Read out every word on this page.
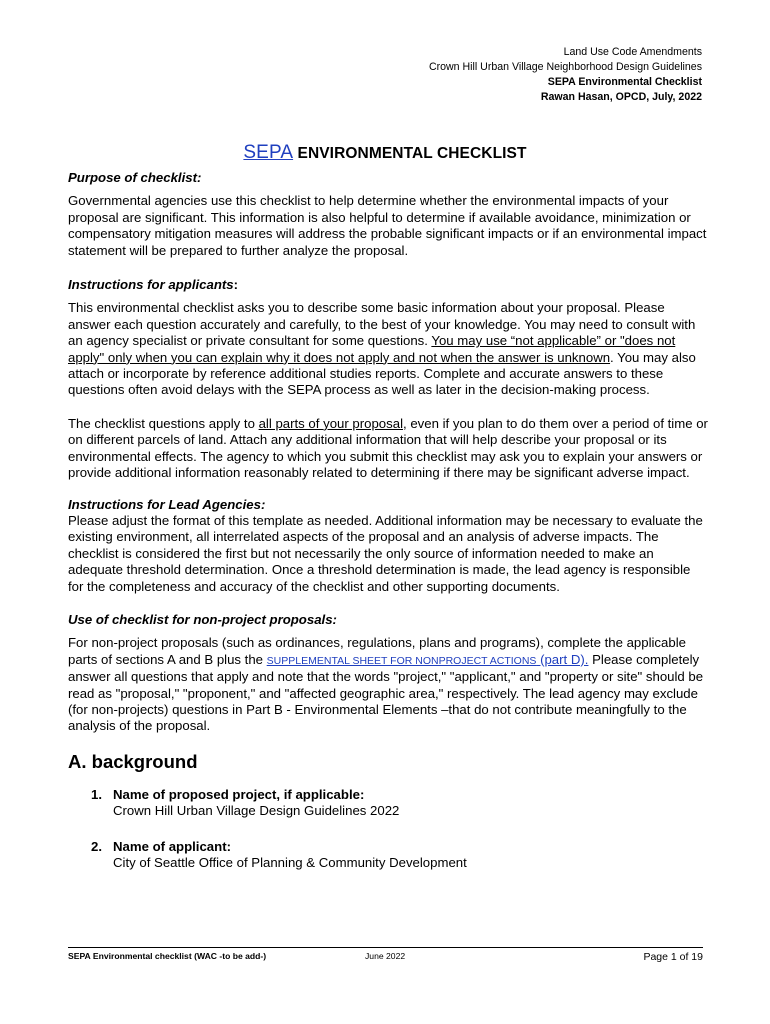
Land Use Code Amendments
Crown Hill Urban Village Neighborhood Design Guidelines
SEPA Environmental Checklist
Rawan Hasan, OPCD, July, 2022
SEPA ENVIRONMENTAL CHECKLIST

Purpose of checklist:

Governmental agencies use this checklist to help determine whether the environmental impacts of your proposal are significant. This information is also helpful to determine if available avoidance, minimization or compensatory mitigation measures will address the probable significant impacts or if an environmental impact statement will be prepared to further analyze the proposal.

Instructions for applicants:

This environmental checklist asks you to describe some basic information about your proposal. Please answer each question accurately and carefully, to the best of your knowledge. You may need to consult with an agency specialist or private consultant for some questions. You may use “not applicable” or "does not apply" only when you can explain why it does not apply and not when the answer is unknown. You may also attach or incorporate by reference additional studies reports. Complete and accurate answers to these questions often avoid delays with the SEPA process as well as later in the decision-making process.

The checklist questions apply to all parts of your proposal, even if you plan to do them over a period of time or on different parcels of land. Attach any additional information that will help describe your proposal or its environmental effects. The agency to which you submit this checklist may ask you to explain your answers or provide additional information reasonably related to determining if there may be significant adverse impact.

Instructions for Lead Agencies:

Please adjust the format of this template as needed. Additional information may be necessary to evaluate the existing environment, all interrelated aspects of the proposal and an analysis of adverse impacts. The checklist is considered the first but not necessarily the only source of information needed to make an adequate threshold determination. Once a threshold determination is made, the lead agency is responsible for the completeness and accuracy of the checklist and other supporting documents.

Use of checklist for non-project proposals:

For non-project proposals (such as ordinances, regulations, plans and programs), complete the applicable parts of sections A and B plus the SUPPLEMENTAL SHEET FOR NONPROJECT ACTIONS (part D). Please completely answer all questions that apply and note that the words "project," "applicant," and "property or site" should be read as "proposal," "proponent," and "affected geographic area," respectively. The lead agency may exclude (for non-projects) questions in Part B - Environmental Elements –that do not contribute meaningfully to the analysis of the proposal.

A. background
1. Name of proposed project, if applicable:
Crown Hill Urban Village Design Guidelines 2022
2. Name of applicant:
City of Seattle Office of Planning & Community Development
SEPA Environmental checklist (WAC -to be add-)	June 2022	Page 1 of 19
